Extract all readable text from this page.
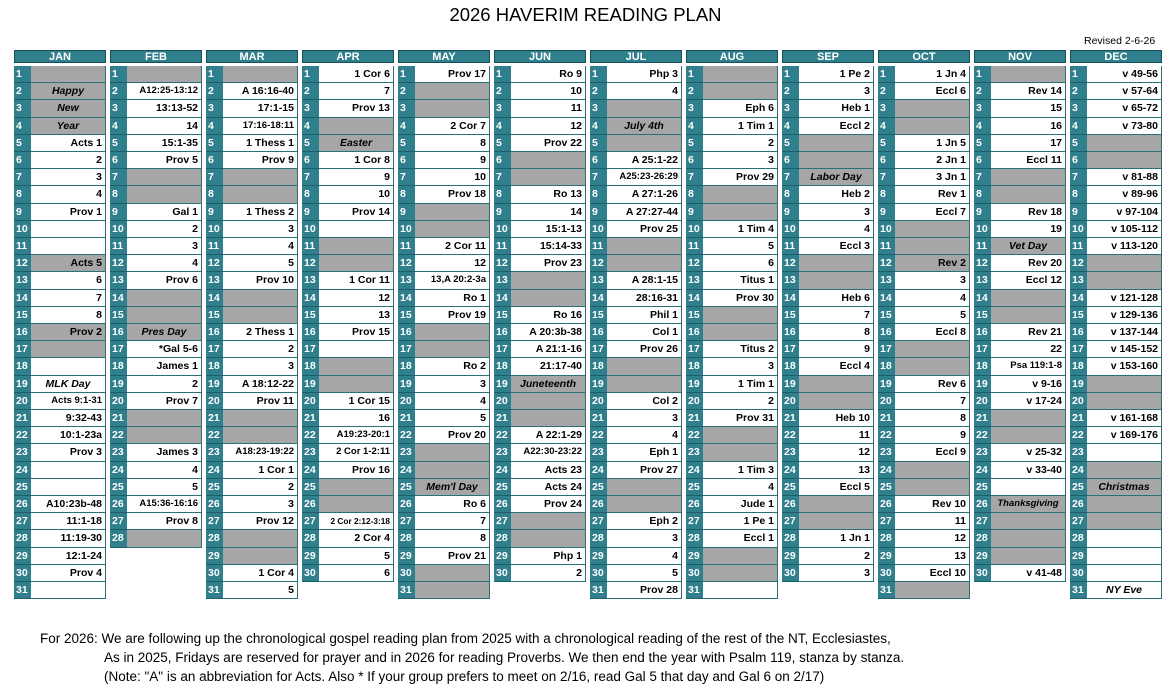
2026 HAVERIM READING PLAN
Revised 2-6-26
JAN
1
2	Happy
3	New
4	Year
5	Acts 1
6	2
7	3
8	4
9	Prov 1
10
11
12	Acts 5
13	6
14	7
15	8
16	Prov 2
17
18
19	MLK Day
20	Acts 9:1-31
21	9:32-43
22	10:1-23a
23	Prov 3
24
25
26	A10:23b-48
27	11:1-18
28	11:19-30
29	12:1-24
30	Prov 4
31
FEB
1
2	A12:25-13:12
3	13:13-52
4	14
5	15:1-35
6	Prov 5
7
8
9	Gal 1
10	2
11	3
12	4
13	Prov 6
14
15
16	Pres Day
17	*Gal 5-6
18	James 1
19	2
20	Prov 7
21
22
23	James 3
24	4
25	5
26	A15:36-16:16
27	Prov 8
28
MAR
1
2	A 16:16-40
3	17:1-15
4	17:16-18:11
5	1 Thess 1
6	Prov 9
7
8
9	1 Thess 2
10	3
11	4
12	5
13	Prov 10
14
15
16	2 Thess 1
17	2
18	3
19	A 18:12-22
20	Prov 11
21
22
23	A18:23-19:22
24	1 Cor 1
25	2
26	3
27	Prov 12
28
29
30	1 Cor 4
31	5
APR
1	1 Cor 6
2	7
3	Prov 13
4
5	Easter
6	1 Cor 8
7	9
8	10
9	Prov 14
10
11
12
13	1 Cor 11
14	12
15	13
16	Prov 15
17
18
19
20	1 Cor 15
21	16
22	A19:23-20:1
23	2 Cor 1-2:11
24	Prov 16
25
26
27	2 Cor 2:12-3:18
28	2 Cor 4
29	5
30	6
MAY
1	Prov 17
2
3
4	2 Cor 7
5	8
6	9
7	10
8	Prov 18
9
10
11	2 Cor 11
12	12
13	13,A 20:2-3a
14	Ro 1
15	Prov 19
16
17
18	Ro 2
19	3
20	4
21	5
22	Prov 20
23
24
25	Mem'l Day
26	Ro 6
27	7
28	8
29	Prov 21
30
31
JUN
1	Ro 9
2	10
3	11
4	12
5	Prov 22
6
7
8	Ro 13
9	14
10	15:1-13
11	15:14-33
12	Prov 23
13
14
15	Ro 16
16	A 20:3b-38
17	A 21:1-16
18	21:17-40
19	Juneteenth
20
21
22	A 22:1-29
23	A22:30-23:22
24	Acts 23
25	Acts 24
26	Prov 24
27
28
29	Php 1
30	2
JUL
1	Php 3
2	4
3
4	July 4th
5
6	A 25:1-22
7	A25:23-26:29
8	A 27:1-26
9	A 27:27-44
10	Prov 25
11
12
13	A 28:1-15
14	28:16-31
15	Phil 1
16	Col 1
17	Prov 26
18
19
20	Col 2
21	3
22	4
23	Eph 1
24	Prov 27
25
26
27	Eph 2
28	3
29	4
30	5
31	Prov 28
AUG
1
2
3	Eph 6
4	1 Tim 1
5	2
6	3
7	Prov 29
8
9
10	1 Tim 4
11	5
12	6
13	Titus 1
14	Prov 30
15
16
17	Titus 2
18	3
19	1 Tim 1
20	2
21	Prov 31
22
23
24	1 Tim 3
25	4
26	Jude 1
27	1 Pe 1
28	Eccl 1
29
30
31
SEP
1	1 Pe 2
2	3
3	Heb 1
4	Eccl 2
5
6
7	Labor Day
8	Heb 2
9	3
10	4
11	Eccl 3
12
13
14	Heb 6
15	7
16	8
17	9
18	Eccl 4
19
20
21	Heb 10
22	11
23	12
24	13
25	Eccl 5
26
27
28	1 Jn 1
29	2
30	3
OCT
1	1 Jn 4
2	Eccl 6
3
4
5	1 Jn 5
6	2 Jn 1
7	3 Jn 1
8	Rev 1
9	Eccl 7
10
11
12	Rev 2
13	3
14	4
15	5
16	Eccl 8
17
18
19	Rev 6
20	7
21	8
22	9
23	Eccl 9
24
25
26	Rev 10
27	11
28	12
29	13
30	Eccl 10
31
NOV
1
2	Rev 14
3	15
4	16
5	17
6	Eccl 11
7
8
9	Rev 18
10	19
11	Vet Day
12	Rev 20
13	Eccl 12
14
15
16	Rev 21
17	22
18	Psa 119:1-8
19	v 9-16
20	v 17-24
21
22
23	v 25-32
24	v 33-40
25
26	Thanksgiving
27
28
29
30	v 41-48
DEC
1	v 49-56
2	v 57-64
3	v 65-72
4	v 73-80
5
6
7	v 81-88
8	v 89-96
9	v 97-104
10	v 105-112
11	v 113-120
12
13
14	v 121-128
15	v 129-136
16	v 137-144
17	v 145-152
18	v 153-160
19
20
21	v 161-168
22	v 169-176
23
24
25	Christmas
26
27
28
29
30
31	NY Eve
For 2026: We are following up the chronological gospel reading plan from 2025 with a chronological reading of the rest of the NT, Ecclesiastes,
As in 2025, Fridays are reserved for prayer and in 2026 for reading Proverbs. We then end the year with Psalm 119, stanza by stanza.
(Note: "A" is an abbreviation for Acts. Also * If your group prefers to meet on 2/16, read Gal 5 that day and Gal 6 on 2/17)
